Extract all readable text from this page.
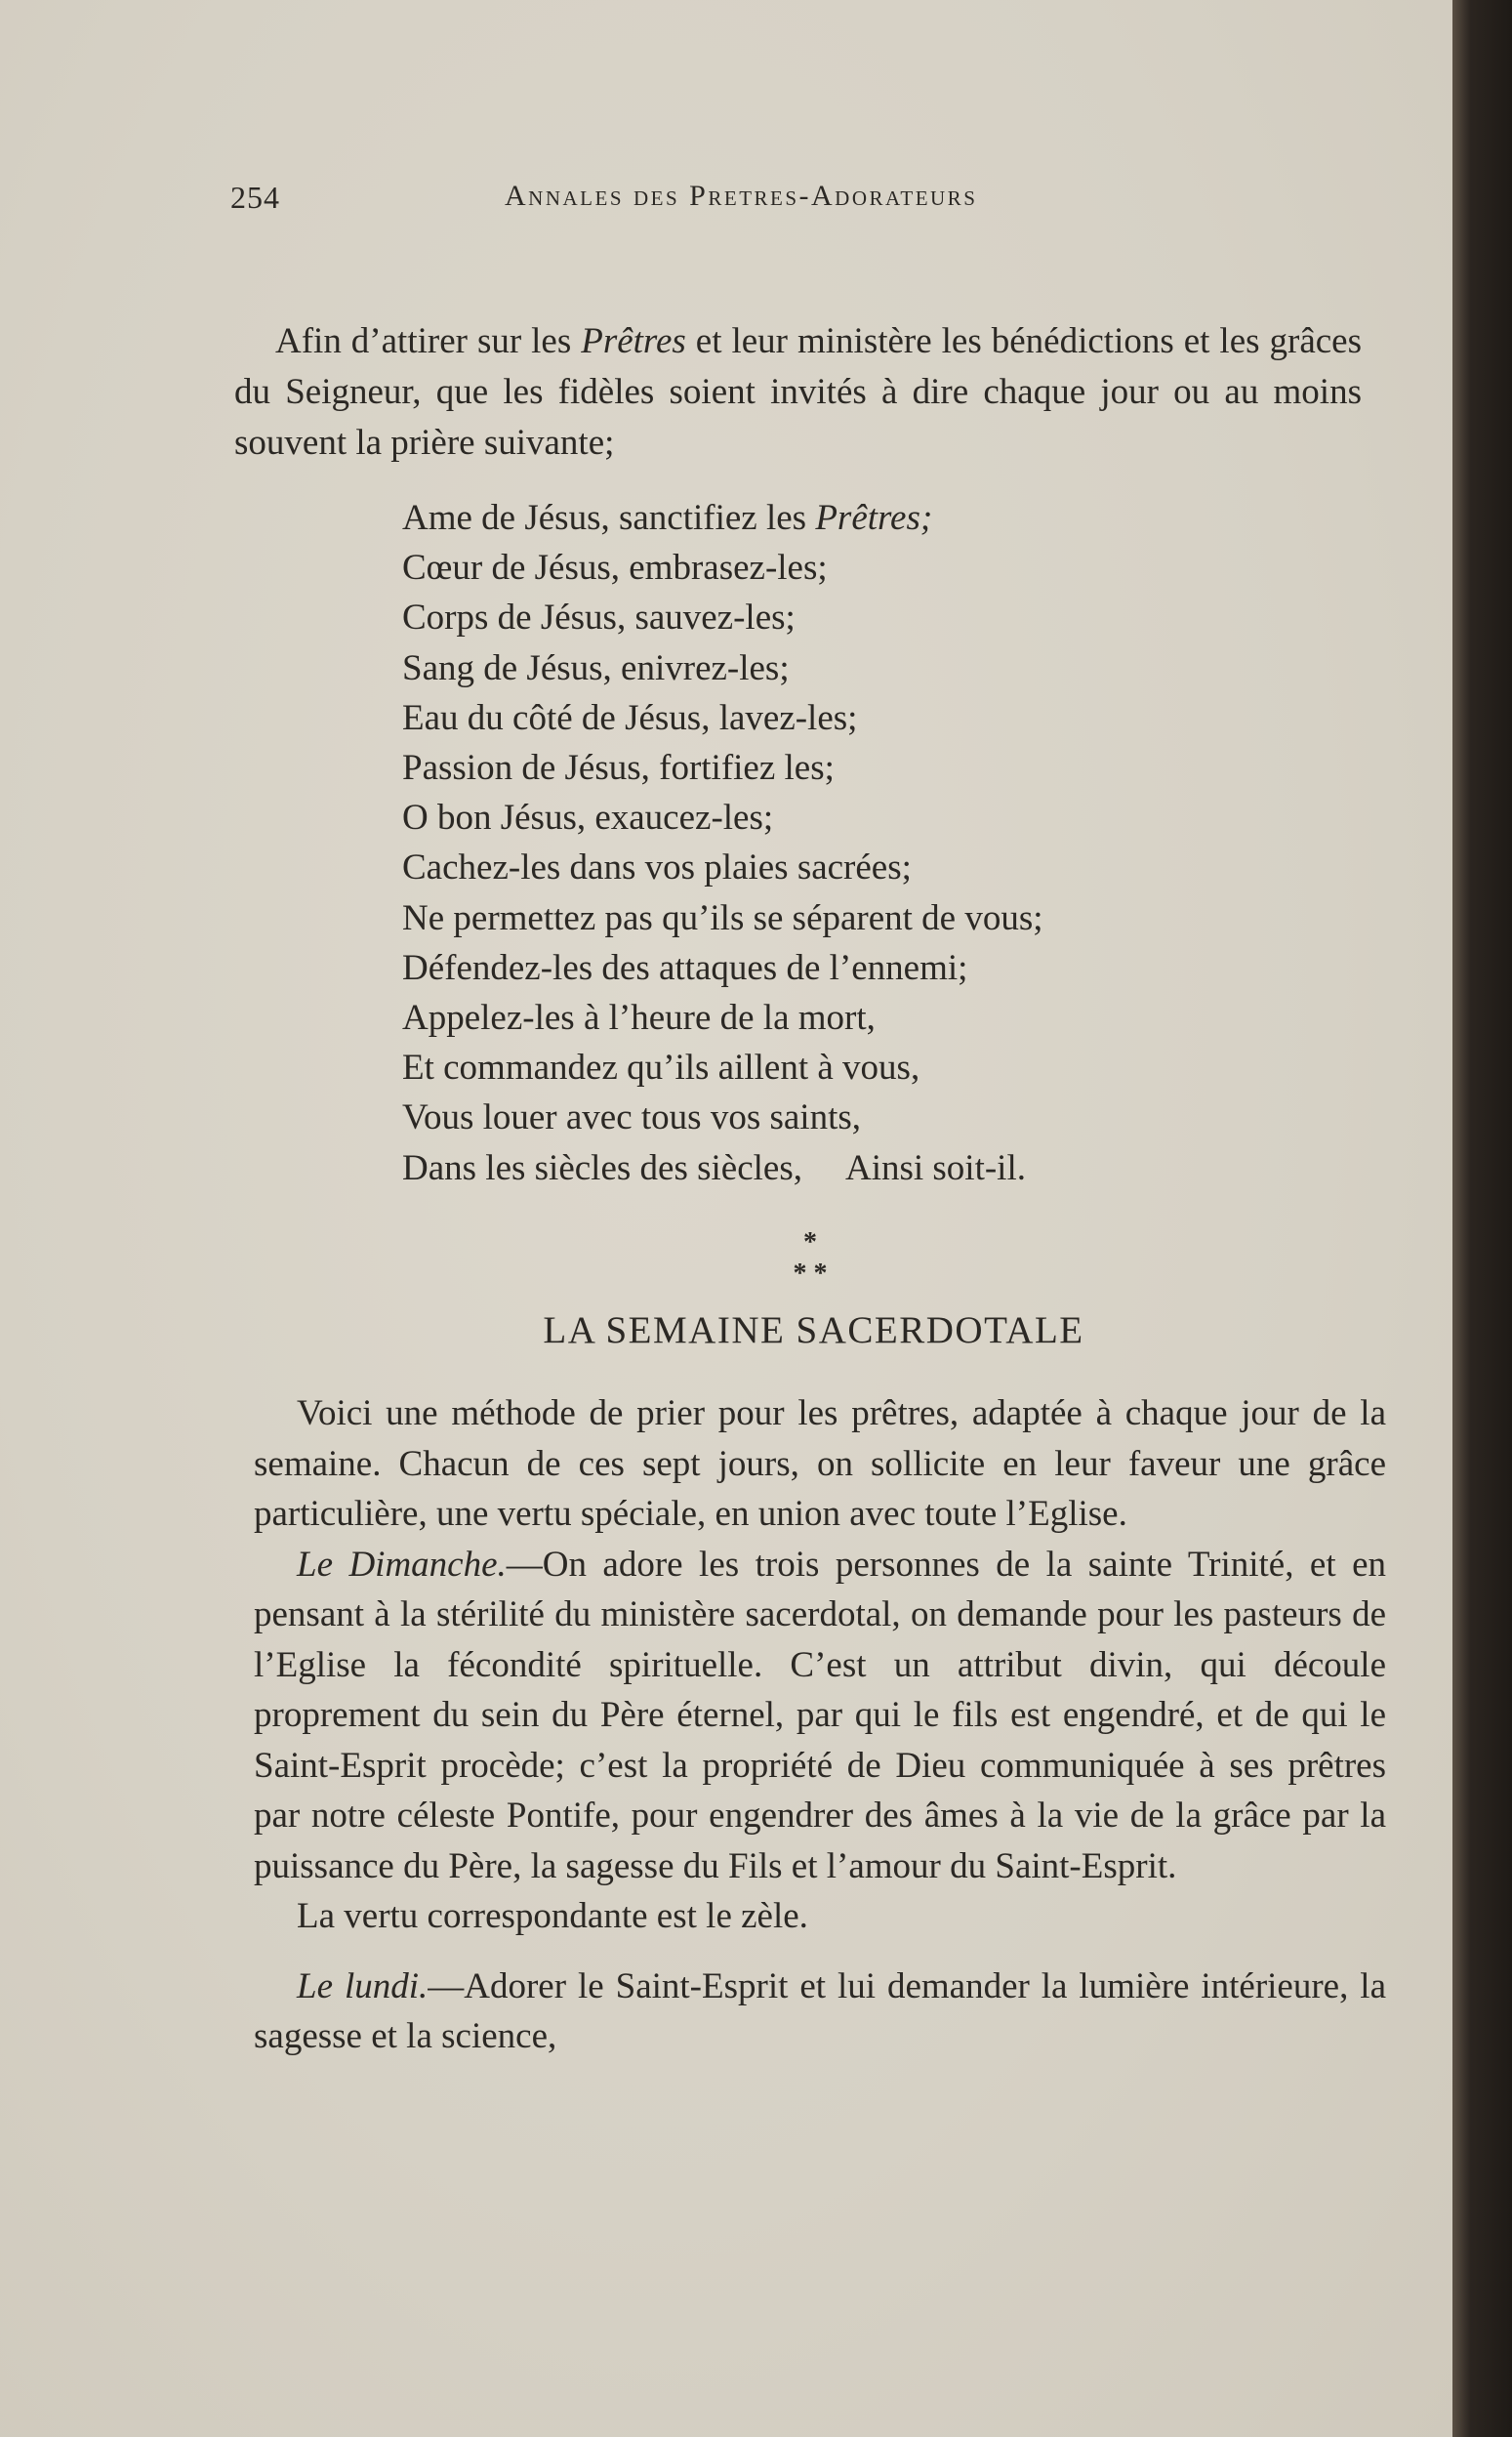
254	Annales des Pretres-Adorateurs

Afin d’attirer sur les Prêtres et leur ministère les bénédictions et les grâces du Seigneur, que les fidèles soient invités à dire chaque jour ou au moins souvent la prière suivante;

Ame de Jésus, sanctifiez les Prêtres;
Cœur de Jésus, embrasez-les;
Corps de Jésus, sauvez-les;
Sang de Jésus, enivrez-les;
Eau du côté de Jésus, lavez-les;
Passion de Jésus, fortifiez les;
O bon Jésus, exaucez-les;
Cachez-les dans vos plaies sacrées;
Ne permettez pas qu’ils se séparent de vous;
Défendez-les des attaques de l’ennemi;
Appelez-les à l’heure de la mort,
Et commandez qu’ils aillent à vous,
Vous louer avec tous vos saints,
Dans les siècles des siècles, Ainsi soit-il.
*
* *
LA SEMAINE SACERDOTALE

Voici une méthode de prier pour les prêtres, adaptée à chaque jour de la semaine. Chacun de ces sept jours, on sollicite en leur faveur une grâce particulière, une vertu spéciale, en union avec toute l’Eglise.

Le Dimanche.—On adore les trois personnes de la sainte Trinité, et en pensant à la stérilité du ministère sacerdotal, on demande pour les pasteurs de l’Eglise la fécondité spirituelle. C’est un attribut divin, qui découle proprement du sein du Père éternel, par qui le fils est engendré, et de qui le Saint-Esprit procède; c’est la propriété de Dieu communiquée à ses prêtres par notre céleste Pontife, pour engendrer des âmes à la vie de la grâce par la puissance du Père, la sagesse du Fils et l’amour du Saint-Esprit.

La vertu correspondante est le zèle.

Le lundi.—Adorer le Saint-Esprit et lui demander la lumière intérieure, la sagesse et la science,
